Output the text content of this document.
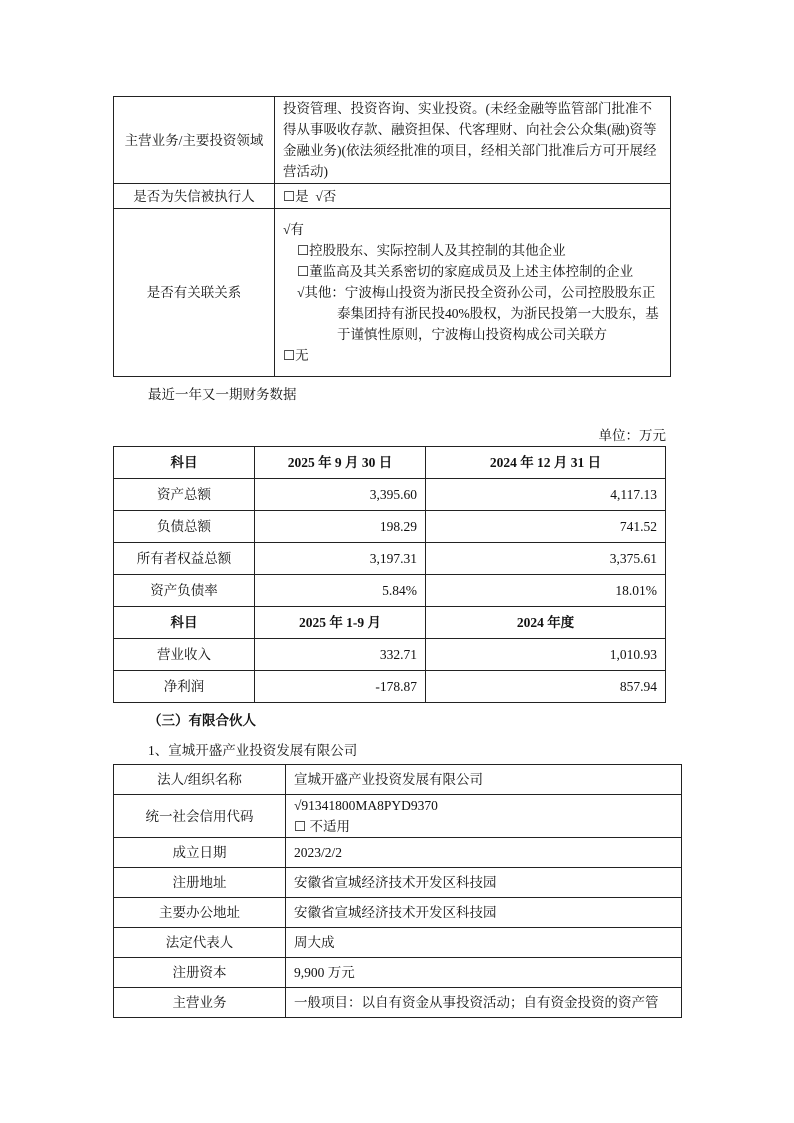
主营业务/主要投资领域	投资管理、投资咨询、实业投资。(未经金融等监管部门批准不得从事吸收存款、融资担保、代客理财、向社会公众集(融)资等金融业务)(依法须经批准的项目，经相关部门批准后方可开展经营活动)
是否为失信被执行人	☐是  √否
是否有关联关系	√有
☐控股股东、实际控制人及其控制的其他企业
☐董监高及其关系密切的家庭成员及上述主体控制的企业
√其他：宁波梅山投资为浙民投全资孙公司，公司控股股东正泰集团持有浙民投40%股权，为浙民投第一大股东，基于谨慎性原则，宁波梅山投资构成公司关联方
☐无
最近一年又一期财务数据
单位：万元
科目	2025 年 9 月 30 日	2024 年 12 月 31 日
资产总额	3,395.60	4,117.13
负债总额	198.29	741.52
所有者权益总额	3,197.31	3,375.61
资产负债率	5.84%	18.01%
科目	2025 年 1-9 月	2024 年度
营业收入	332.71	1,010.93
净利润	-178.87	857.94
（三）有限合伙人
1、宣城开盛产业投资发展有限公司
法人/组织名称	宣城开盛产业投资发展有限公司

统一社会信用代码	√91341800MA8PYD9370
☐ 不适用

成立日期	2023/2/2

注册地址	安徽省宣城经济技术开发区科技园

主要办公地址	安徽省宣城经济技术开发区科技园

法定代表人	周大成

注册资本	9,900 万元

主营业务	一般项目：以自有资金从事投资活动；自有资金投资的资产管
